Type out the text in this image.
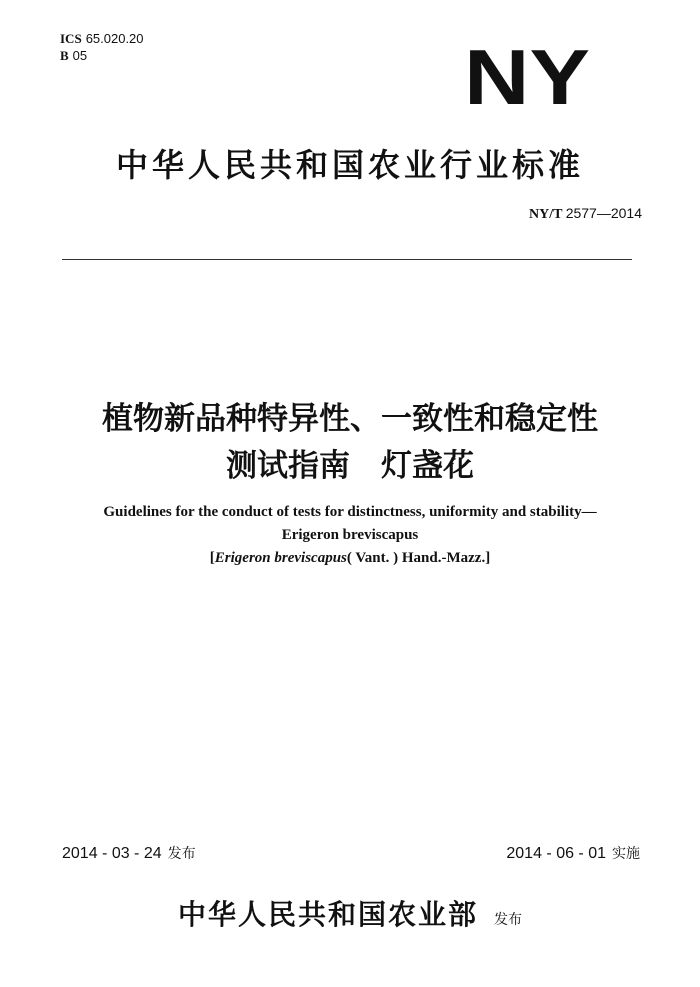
ICS 65.020.20
B 05	NY
中华人民共和国农业行业标准
NY/T 2577—2014
植物新品种特异性、一致性和稳定性
测试指南　灯盏花
Guidelines for the conduct of tests for distinctness, uniformity and stability—
Erigeron breviscapus
[Erigeron breviscapus( Vant. ) Hand.-Mazz.]
2014 - 03 - 24 发布	2014 - 06 - 01 实施
中华人民共和国农业部 发布
